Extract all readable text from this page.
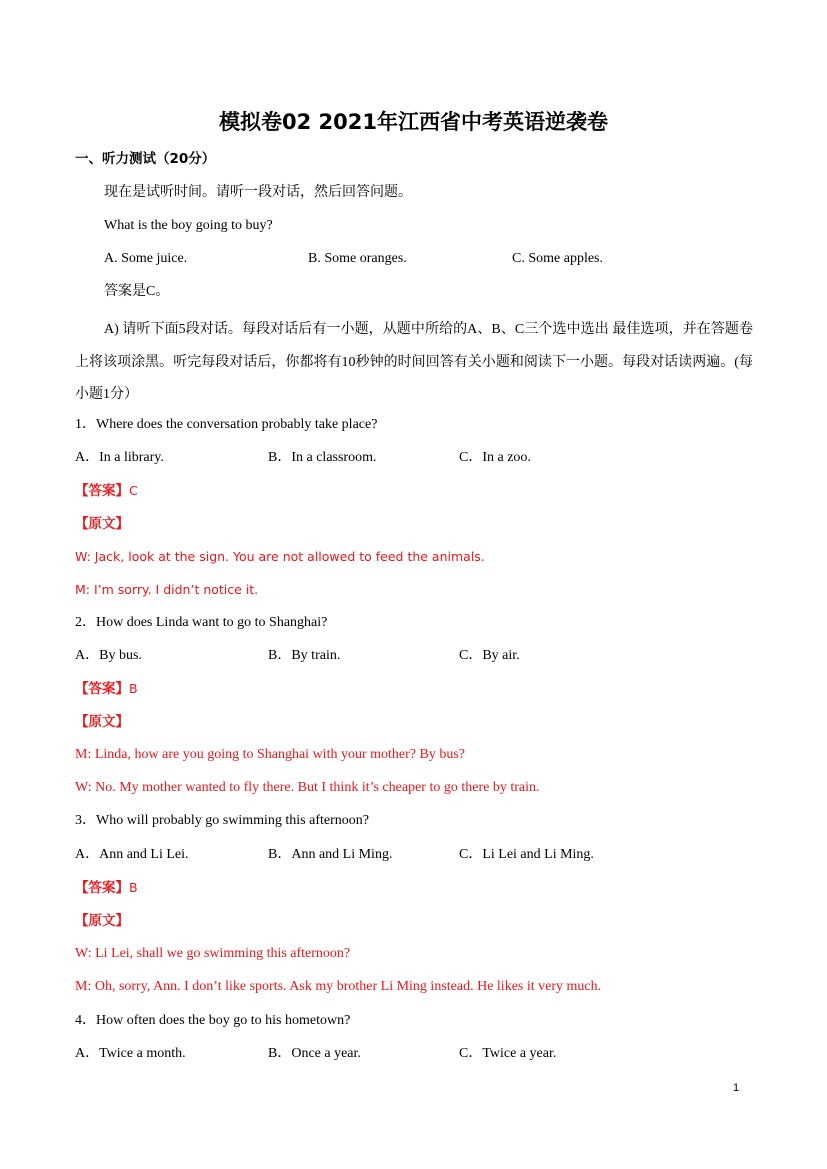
模拟卷02 2021年江西省中考英语逆袭卷
一、听力测试（20分）
现在是试听时间。请听一段对话，然后回答问题。
What is the boy going to buy?
A. Some juice.	B. Some oranges.	C. Some apples.
答案是C。
A) 请听下面5段对话。每段对话后有一小题，从题中所给的A、B、C三个选中选出 最佳选项，并在答题卷上将该项涂黑。听完每段对话后，你都将有10秒钟的时间回答有关小题和阅读下一小题。每段对话读两遍。(每小题1分）
1．Where does the conversation probably take place?
A．In a library.	B．In a classroom.	C．In a zoo.
【答案】C
【原文】
W: Jack, look at the sign. You are not allowed to feed the animals.
M: I’m sorry. I didn’t notice it.
2．How does Linda want to go to Shanghai?
A．By bus.	B．By train.	C．By air.
【答案】B
【原文】
M: Linda, how are you going to Shanghai with your mother? By bus?
W: No. My mother wanted to fly there. But I think it’s cheaper to go there by train.
3．Who will probably go swimming this afternoon?
A．Ann and Li Lei.	B．Ann and Li Ming.	C．Li Lei and Li Ming.
【答案】B
【原文】
W: Li Lei, shall we go swimming this afternoon?
M: Oh, sorry, Ann. I don’t like sports. Ask my brother Li Ming instead. He likes it very much.
4．How often does the boy go to his hometown?
A．Twice a month.	B．Once a year.	C．Twice a year.
1
